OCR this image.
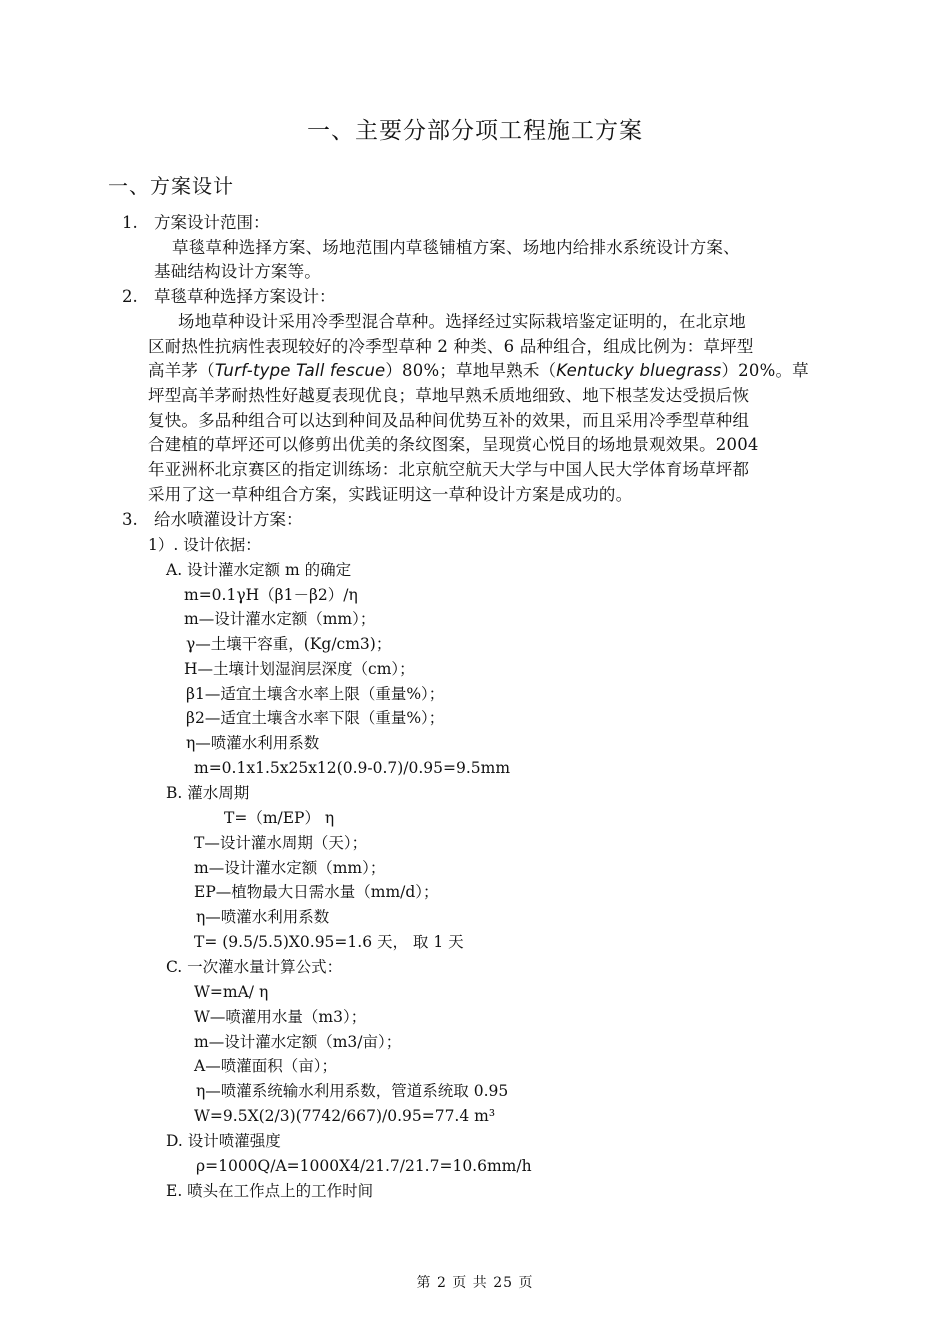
一、主要分部分项工程施工方案
一、方案设计
1. 方案设计范围：
草毯草种选择方案、场地范围内草毯铺植方案、场地内给排水系统设计方案、
基础结构设计方案等。
2. 草毯草种选择方案设计：
场地草种设计采用冷季型混合草种。选择经过实际栽培鉴定证明的，在北京地
区耐热性抗病性表现较好的冷季型草种 2 种类、6 品种组合，组成比例为：草坪型
高羊茅（Turf-type Tall fescue）80%；草地早熟禾（Kentucky bluegrass）20%。草
坪型高羊茅耐热性好越夏表现优良；草地早熟禾质地细致、地下根茎发达受损后恢
复快。多品种组合可以达到种间及品种间优势互补的效果，而且采用冷季型草种组
合建植的草坪还可以修剪出优美的条纹图案，呈现赏心悦目的场地景观效果。2004
年亚洲杯北京赛区的指定训练场：北京航空航天大学与中国人民大学体育场草坪都
采用了这一草种组合方案，实践证明这一草种设计方案是成功的。
3. 给水喷灌设计方案：
1）. 设计依据：
A. 设计灌水定额 m 的确定
m=0.1γH（β1－β2）/η
m—设计灌水定额（mm）；
γ—土壤干容重，(Kg/cm3)；
H—土壤计划湿润层深度（cm）；
β1—适宜土壤含水率上限（重量%）；
β2—适宜土壤含水率下限（重量%）；
η—喷灌水利用系数
m=0.1x1.5x25x12(0.9-0.7)/0.95=9.5mm
B. 灌水周期
T=（m/EP） η
T—设计灌水周期（天）；
m—设计灌水定额（mm）；
EP—植物最大日需水量（mm/d）；
η—喷灌水利用系数
T= (9.5/5.5)X0.95=1.6 天， 取 1 天
C. 一次灌水量计算公式：
W=mA/ η
W—喷灌用水量（m3）；
m—设计灌水定额（m3/亩）；
A—喷灌面积（亩）；
η—喷灌系统输水利用系数，管道系统取 0.95
W=9.5X(2/3)(7742/667)/0.95=77.4 m³
D. 设计喷灌强度
ρ=1000Q/A=1000X4/21.7/21.7=10.6mm/h
E. 喷头在工作点上的工作时间
第 2 页 共 25 页
